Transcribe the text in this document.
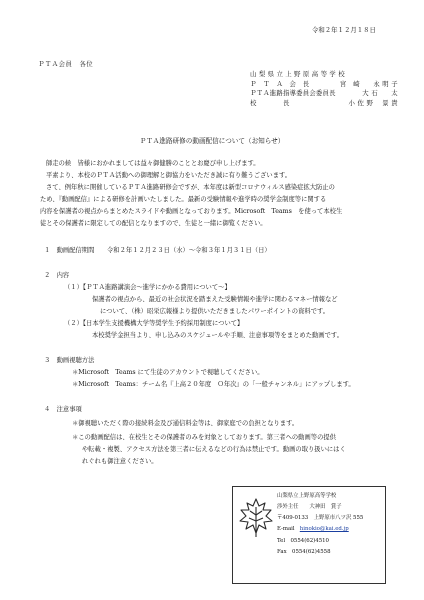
令和２年１２月１８日
ＰＴＡ会員　各位
山 梨 県 立 上 野 原 高 等 学 校
Ｐ　Ｔ　Ａ　会　長	宮　崎　　永 明 子
ＰＴＡ進路指導委員会委員長	大 石　　太
校　　　　長	小 佐 野　 景 貴
ＰＴＡ進路研修の動画配信について（お知らせ）
師走の候　皆様におかれましては益々御健勝のこととお慶び申し上げます。
平素より、本校のＰＴＡ活動への御理解と御協力をいただき誠に有り難うございます。
さて、例年秋に開催しているＰＴＡ進路研修会ですが、本年度は新型コロナウィルス感染症拡大防止の
ため、『動画配信』による研修を計画いたしました。最新の受験情報や進学時の奨学金制度等に関する
内容を保護者の視点からまとめたスライドや動画となっております。Microsoft　Teams　を使って本校生
徒とその保護者に限定しての配信となりますので、生徒と一緒に御覧ください。
１　動画配信期間　　令和２年１２月２３日（水）～令和３年１月３１日（日）
２　内容
（１）【ＰＴＡ進路講演会～進学にかかる費用について～】
保護者の視点から、最近の社会状況を踏まえた受験情報や進学に関わるマネー情報など
について、（株）昭栄広報様より提供いただきましたパワーポイントの資料です。
（２）【日本学生支援機構大学等奨学生予約採用制度について】
本校奨学金担当より、申し込みのスケジュールや手順、注意事項等をまとめた動画です。
３　動画視聴方法
＊Microsoft　Teams にて生徒のアカウントで視聴してください。
＊Microsoft　Teams：チーム名『上高２０年度　Ｏ年次』の「一般チャンネル」にアップします。
４　注意事項
＊御視聴いただく際の接続料金及び通信料金等は、御家庭での負担となります。
＊この動画配信は、在校生とその保護者のみを対象としております。第三者への動画等の提供
や転載・複製、アクセス方法を第三者に伝えるなどの行為は禁止です。動画の取り扱いにはく
れぐれも御注意ください。
山梨県立上野原高等学校
渉外主任　　大神田　賞子
〒409-0133　上野原市八ツ沢 555
E-mail hinokio@kai.ed.jp
Tel　0554(62)4510
Fax　0554(62)4558
